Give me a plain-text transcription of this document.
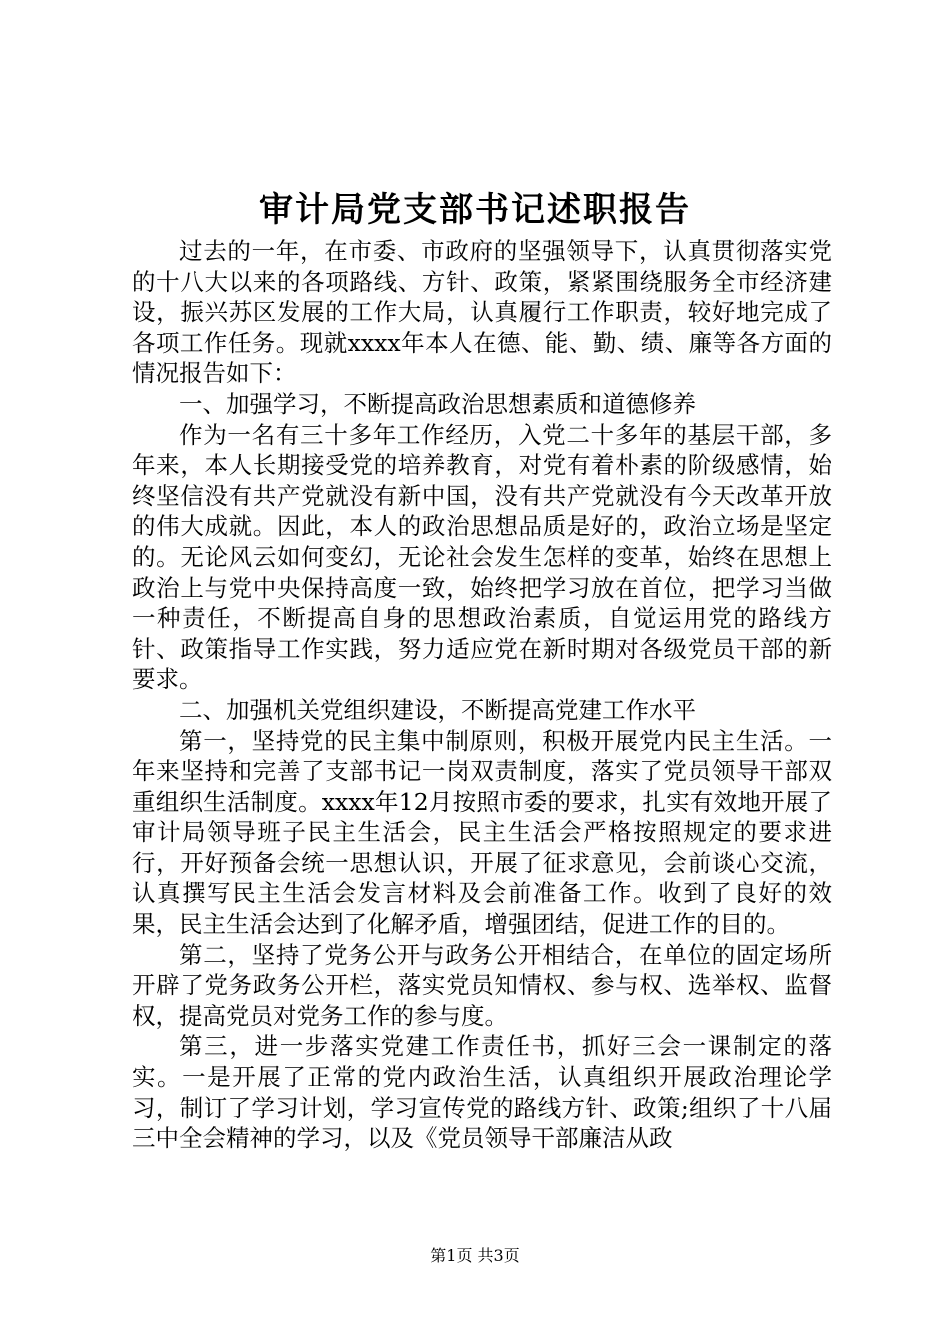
审计局党支部书记述职报告

过去的一年，在市委、市政府的坚强领导下，认真贯彻落实党的十八大以来的各项路线、方针、政策，紧紧围绕服务全市经济建设，振兴苏区发展的工作大局，认真履行工作职责，较好地完成了各项工作任务。现就xxxx年本人在德、能、勤、绩、廉等各方面的情况报告如下：

一、加强学习，不断提高政治思想素质和道德修养

作为一名有三十多年工作经历，入党二十多年的基层干部，多年来，本人长期接受党的培养教育，对党有着朴素的阶级感情，始终坚信没有共产党就没有新中国，没有共产党就没有今天改革开放的伟大成就。因此，本人的政治思想品质是好的，政治立场是坚定的。无论风云如何变幻，无论社会发生怎样的变革，始终在思想上政治上与党中央保持高度一致，始终把学习放在首位，把学习当做一种责任，不断提高自身的思想政治素质，自觉运用党的路线方针、政策指导工作实践，努力适应党在新时期对各级党员干部的新要求。

二、加强机关党组织建设，不断提高党建工作水平

第一，坚持党的民主集中制原则，积极开展党内民主生活。一年来坚持和完善了支部书记一岗双责制度，落实了党员领导干部双重组织生活制度。xxxx年12月按照市委的要求，扎实有效地开展了审计局领导班子民主生活会，民主生活会严格按照规定的要求进行，开好预备会统一思想认识，开展了征求意见，会前谈心交流，认真撰写民主生活会发言材料及会前准备工作。收到了良好的效果，民主生活会达到了化解矛盾，增强团结，促进工作的目的。

第二，坚持了党务公开与政务公开相结合，在单位的固定场所开辟了党务政务公开栏，落实党员知情权、参与权、选举权、监督权，提高党员对党务工作的参与度。

第三，进一步落实党建工作责任书，抓好三会一课制定的落实。一是开展了正常的党内政治生活，认真组织开展政治理论学习，制订了学习计划，学习宣传党的路线方针、政策;组织了十八届三中全会精神的学习，以及《党员领导干部廉洁从政

第1页 共3页
